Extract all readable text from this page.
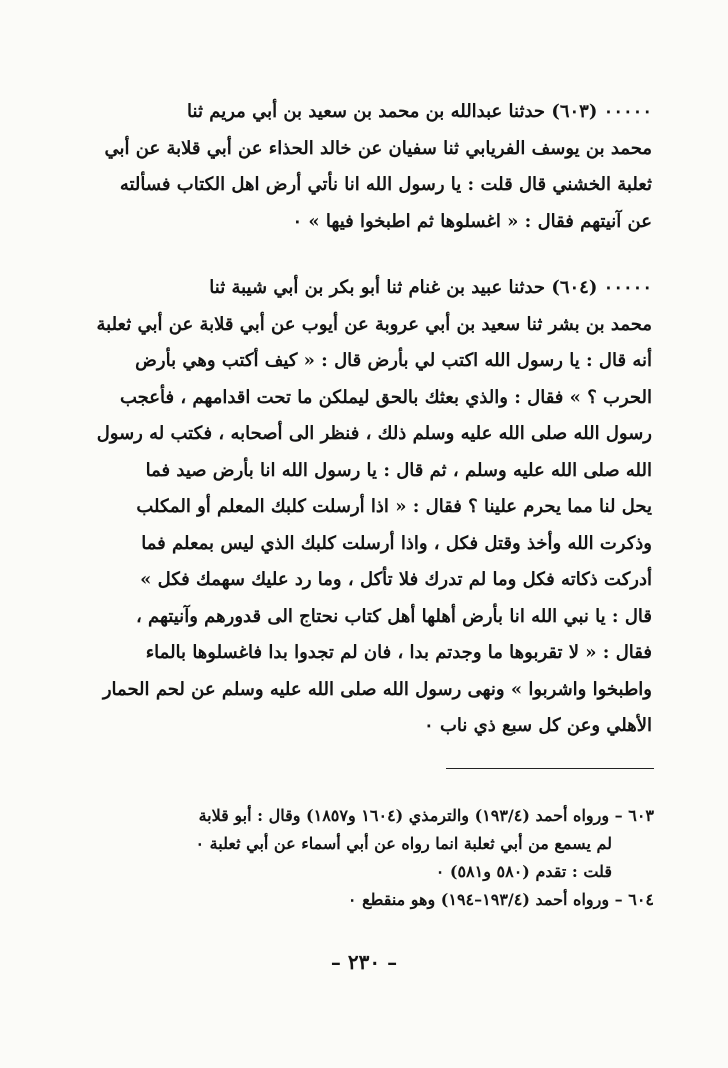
٠٠٠٠٠ (٦٠٣) حدثنا عبدالله بن محمد بن سعيد بن أبي مريم ثنا

محمد بن يوسف الفريابي ثنا سفيان عن خالد الحذاء عن أبي قلابة عن أبي

ثعلبة الخشني قال قلت : يا رسول الله انا نأتي أرض اهل الكتاب فسألته

عن آنيتهم فقال : « اغسلوها ثم اطبخوا فيها » ٠

٠٠٠٠٠ (٦٠٤) حدثنا عبيد بن غنام ثنا أبو بكر بن أبي شيبة ثنا

محمد بن بشر ثنا سعيد بن أبي عروبة عن أيوب عن أبي قلابة عن أبي ثعلبة

أنه قال : يا رسول الله اكتب لي بأرض قال : « كيف أكتب وهي بأرض

الحرب ؟ » فقال : والذي بعثك بالحق ليملكن ما تحت اقدامهم ، فأعجب

رسول الله صلى الله عليه وسلم ذلك ، فنظر الى أصحابه ، فكتب له رسول

الله صلى الله عليه وسلم ، ثم قال : يا رسول الله انا بأرض صيد فما

يحل لنا مما يحرم علينا ؟ فقال : « اذا أرسلت كلبك المعلم أو المكلب

وذكرت الله وأخذ وقتل فكل ، واذا أرسلت كلبك الذي ليس بمعلم فما

أدركت ذكاته فكل وما لم تدرك فلا تأكل ، وما رد عليك سهمك فكل »

قال : يا نبي الله انا بأرض أهلها أهل كتاب نحتاج الى قدورهم وآنيتهم ،

فقال : « لا تقربوها ما وجدتم بدا ، فان لم تجدوا بدا فاغسلوها بالماء

واطبخوا واشربوا » ونهى رسول الله صلى الله عليه وسلم عن لحم الحمار

الأهلي وعن كل سبع ذي ناب ٠

٦٠٣ – ورواه أحمد (١٩٣/٤) والترمذي (١٦٠٤ و١٨٥٧) وقال : أبو قلابة

لم يسمع من أبي ثعلبة انما رواه عن أبي أسماء عن أبي ثعلبة ٠

قلت : تقدم (٥٨٠ و٥٨١) ٠

٦٠٤ – ورواه أحمد (١٩٣/٤–١٩٤) وهو منقطع ٠

– ٢٣٠ –
